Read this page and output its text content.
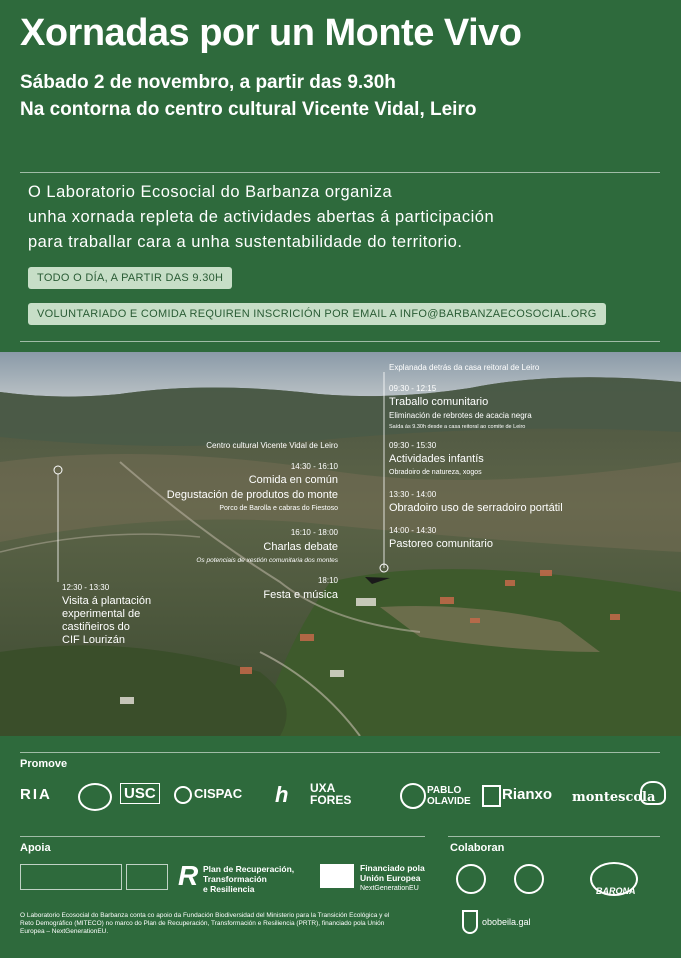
Xornadas por un Monte Vivo
Sábado 2 de novembro, a partir das 9.30h
Na contorna do centro cultural Vicente Vidal, Leiro
O Laboratorio Ecosocial do Barbanza organiza
unha xornada repleta de actividades abertas á participación
para traballar cara a unha sustentabilidade do territorio.
TODO O DÍA, A PARTIR DAS 9.30H
VOLUNTARIADO E COMIDA REQUIREN INSCRICIÓN POR EMAIL A INFO@BARBANZAECOSOCIAL.ORG
Explanada detrás da casa reitoral de Leiro
09:30 - 12:15
Traballo comunitario
Eliminación de rebrotes de acacia negra
Saída ás 9.30h desde a casa reitoral ao comite de Leiro
09:30 - 15:30
Actividades infantís
Obradoiro de natureza, xogos
13:30 - 14:00
Obradoiro uso de serradoiro portátil
14:00 - 14:30
Pastoreo comunitario
Centro cultural Vicente Vidal de Leiro
14:30 - 16:10
Comida en común
Degustación de produtos do monte
Porco de Barolla e cabras do Fiestoso
16:10 - 18:00
Charlas debate
Os potenciais de xestión comunitaria dos montes
18:10
Festa e música
12:30 - 13:30
Visita á plantación
experimental de
castiñeiros do
CIF Lourizán
Promove
RIA	USC	CISPAC h UXA FORES
PABLO OLAVIDE	Rianxo montescola
Apoia
R Plan de Recuperación,
Transformación
e Resiliencia
Financiado pola
Unión Europea
NextGenerationEU
O Laboratorio Ecosocial do Barbanza conta co apoio da Fundación Biodiversidad del Ministerio para la Transición Ecológica y el Reto Demográfico (MITECO) no marco do Plan de Recuperación, Transformación e Resiliencia (PRTR), financiado pola Unión Europea – NextGenerationEU.
Colaboran
BARONA
obobeila.gal
